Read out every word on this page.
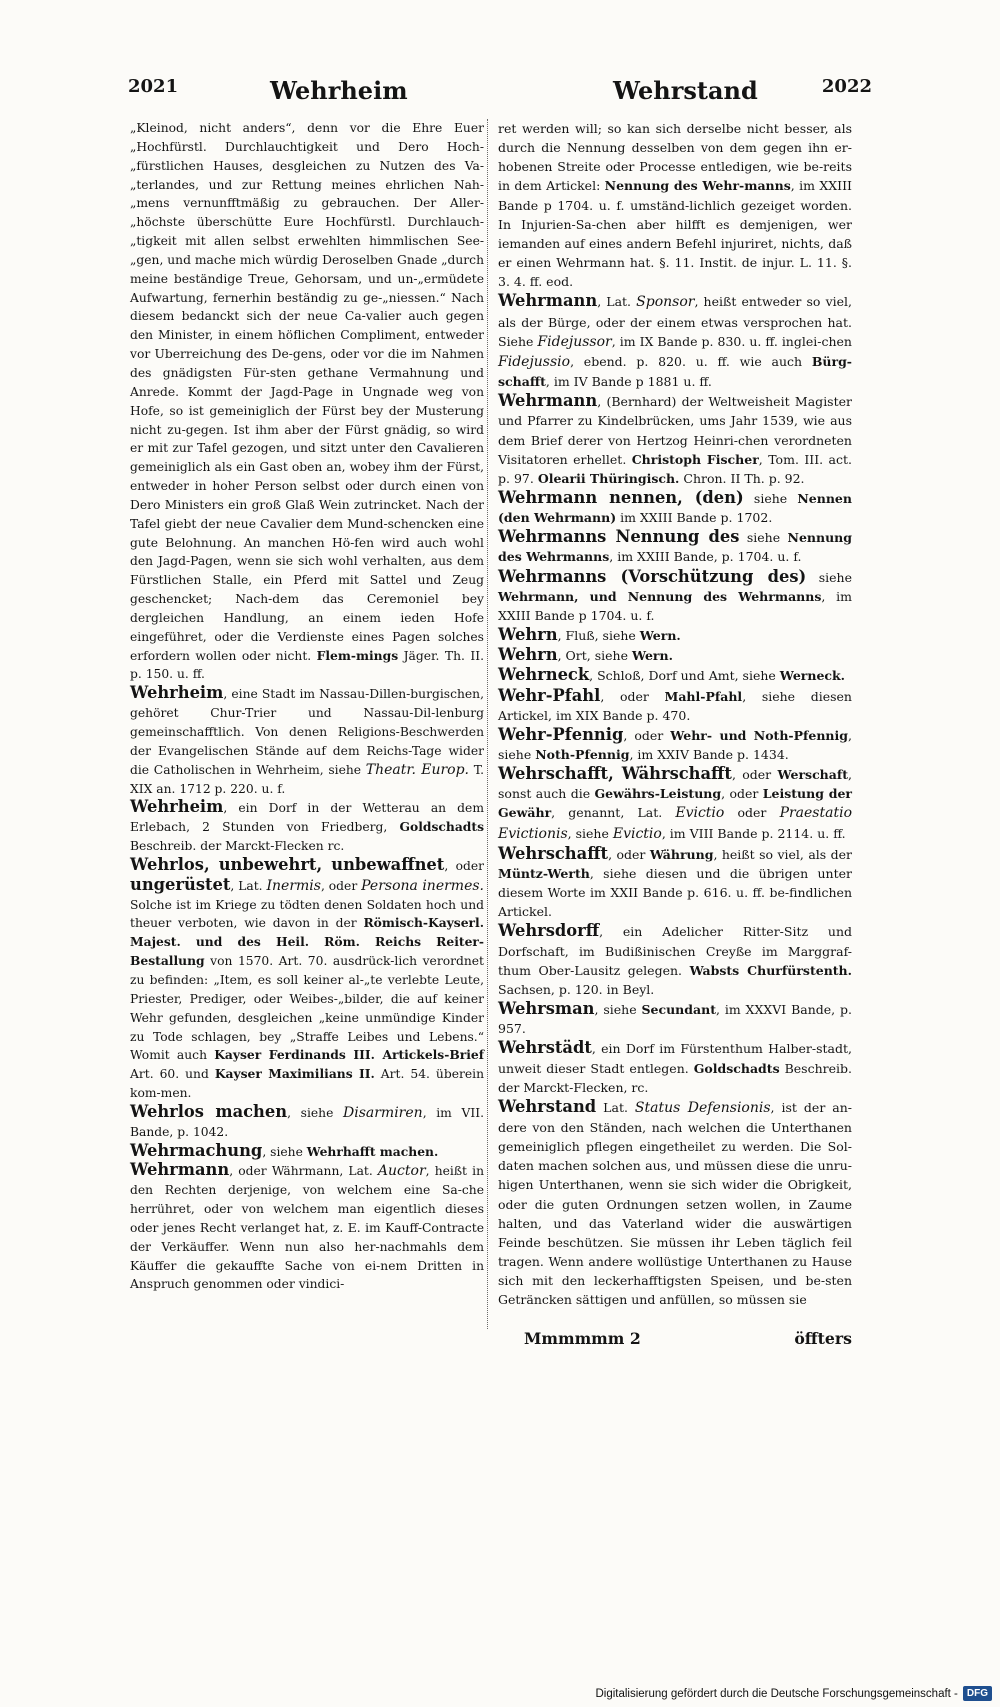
2021	Wehrheim	Wehrstand	2022

„Kleinod, nicht anders“, denn vor die Ehre Euer „Hochfürstl. Durchlauchtigkeit und Dero Hoch-„fürstlichen Hauses, desgleichen zu Nutzen des Va-„terlandes, und zur Rettung meines ehrlichen Nah-„mens vernunfftmäßig zu gebrauchen. Der Aller-„höchste überschütte Eure Hochfürstl. Durchlauch-„tigkeit mit allen selbst erwehlten himmlischen See-„gen, und mache mich würdig Deroselben Gnade „durch meine beständige Treue, Gehorsam, und un-„ermüdete Aufwartung, fernerhin beständig zu ge-„niessen.“ Nach diesem bedanckt sich der neue Ca-valier auch gegen den Minister, in einem höflichen Compliment, entweder vor Uberreichung des De-gens, oder vor die im Nahmen des gnädigsten Für-sten gethane Vermahnung und Anrede. Kommt der Jagd-Page in Ungnade weg von Hofe, so ist gemeiniglich der Fürst bey der Musterung nicht zu-gegen. Ist ihm aber der Fürst gnädig, so wird er mit zur Tafel gezogen, und sitzt unter den Cavalieren gemeiniglich als ein Gast oben an, wobey ihm der Fürst, entweder in hoher Person selbst oder durch einen von Dero Ministers ein groß Glaß Wein zutrincket. Nach der Tafel giebt der neue Cavalier dem Mund-schencken eine gute Belohnung. An manchen Hö-fen wird auch wohl den Jagd-Pagen, wenn sie sich wohl verhalten, aus dem Fürstlichen Stalle, ein Pferd mit Sattel und Zeug geschencket; Nach-dem das Ceremoniel bey dergleichen Handlung, an einem ieden Hofe eingeführet, oder die Verdienste eines Pagen solches erfordern wollen oder nicht. Flem-mings Jäger. Th. II. p. 150. u. ff.

Wehrheim, eine Stadt im Nassau-Dillen-burgischen, gehöret Chur-Trier und Nassau-Dil-lenburg gemeinschafftlich. Von denen Religions-Beschwerden der Evangelischen Stände auf dem Reichs-Tage wider die Catholischen in Wehrheim, siehe Theatr. Europ. T. XIX an. 1712 p. 220. u. f.

Wehrheim, ein Dorf in der Wetterau an dem Erlebach, 2 Stunden von Friedberg, Goldschadts Beschreib. der Marckt-Flecken rc.

Wehrlos, unbewehrt, unbewaffnet, oder ungerüstet, Lat. Inermis, oder Persona inermes. Solche ist im Kriege zu tödten denen Soldaten hoch und theuer verboten, wie davon in der Römisch-Kayserl. Majest. und des Heil. Röm. Reichs Reiter-Bestallung von 1570. Art. 70. ausdrück-lich verordnet zu befinden: „Item, es soll keiner al-„te verlebte Leute, Priester, Prediger, oder Weibes-„bilder, die auf keiner Wehr gefunden, desgleichen „keine unmündige Kinder zu Tode schlagen, bey „Straffe Leibes und Lebens.“ Womit auch Kayser Ferdinands III. Artickels-Brief Art. 60. und Kayser Maximilians II. Art. 54. überein kom-men.

Wehrlos machen, siehe Disarmiren, im VII. Bande, p. 1042.

Wehrmachung, siehe Wehrhafft machen.

Wehrmann, oder Währmann, Lat. Auctor, heißt in den Rechten derjenige, von welchem eine Sa-che herrühret, oder von welchem man eigentlich dieses oder jenes Recht verlanget hat, z. E. im Kauff-Contracte der Verkäuffer. Wenn nun also her-nachmahls dem Käuffer die gekauffte Sache von ei-nem Dritten in Anspruch genommen oder vindici-

ret werden will; so kan sich derselbe nicht besser, als durch die Nennung desselben von dem gegen ihn er-hobenen Streite oder Processe entledigen, wie be-reits in dem Artickel: Nennung des Wehr-manns, im XXIII Bande p 1704. u. f. umständ-lichlich gezeiget worden. In Injurien-Sa-chen aber hilfft es demjenigen, wer iemanden auf eines andern Befehl injuriret, nichts, daß er einen Wehrmann hat. §. 11. Instit. de injur. L. 11. §. 3. 4. ff. eod.

Wehrmann, Lat. Sponsor, heißt entweder so viel, als der Bürge, oder der einem etwas versprochen hat. Siehe Fidejussor, im IX Bande p. 830. u. ff. inglei-chen Fidejussio, ebend. p. 820. u. ff. wie auch Bürg-schafft, im IV Bande p 1881 u. ff.

Wehrmann, (Bernhard) der Weltweisheit Magister und Pfarrer zu Kindelbrücken, ums Jahr 1539, wie aus dem Brief derer von Hertzog Heinri-chen verordneten Visitatoren erhellet. Christoph Fischer, Tom. III. act. p. 97. Olearii Thüringisch. Chron. II Th. p. 92.

Wehrmann nennen, (den) siehe Nennen (den Wehrmann) im XXIII Bande p. 1702.

Wehrmanns Nennung des siehe Nennung des Wehrmanns, im XXIII Bande, p. 1704. u. f.

Wehrmanns (Vorschützung des) siehe Wehrmann, und Nennung des Wehrmanns, im XXIII Bande p 1704. u. f.

Wehrn, Fluß, siehe Wern.

Wehrn, Ort, siehe Wern.

Wehrneck, Schloß, Dorf und Amt, siehe Werneck.

Wehr-Pfahl, oder Mahl-Pfahl, siehe diesen Artickel, im XIX Bande p. 470.

Wehr-Pfennig, oder Wehr- und Noth-Pfennig, siehe Noth-Pfennig, im XXIV Bande p. 1434.

Wehrschafft, Währschafft, oder Werschaft, sonst auch die Gewährs-Leistung, oder Leistung der Gewähr, genannt, Lat. Evictio oder Praestatio Evictionis, siehe Evictio, im VIII Bande p. 2114. u. ff.

Wehrschafft, oder Währung, heißt so viel, als der Müntz-Werth, siehe diesen und die übrigen unter diesem Worte im XXII Bande p. 616. u. ff. be-findlichen Artickel.

Wehrsdorff, ein Adelicher Ritter-Sitz und Dorfschaft, im Budißinischen Creyße im Marggraf-thum Ober-Lausitz gelegen. Wabsts Churfürstenth. Sachsen, p. 120. in Beyl.

Wehrsman, siehe Secundant, im XXXVI Bande, p. 957.

Wehrstädt, ein Dorf im Fürstenthum Halber-stadt, unweit dieser Stadt entlegen. Goldschadts Beschreib. der Marckt-Flecken, rc.

Wehrstand Lat. Status Defensionis, ist der an-dere von den Ständen, nach welchen die Unterthanen gemeiniglich pflegen eingetheilet zu werden. Die Sol-daten machen solchen aus, und müssen diese die unru-higen Unterthanen, wenn sie sich wider die Obrigkeit, oder die guten Ordnungen setzen wollen, in Zaume halten, und das Vaterland wider die auswärtigen Feinde beschützen. Sie müssen ihr Leben täglich feil tragen. Wenn andere wollüstige Unterthanen zu Hause sich mit den leckerhafftigsten Speisen, und be-sten Geträncken sättigen und anfüllen, so müssen sie

Mmmmmm 2	öffters
Digitalisierung gefördert durch die Deutsche Forschungsgemeinschaft - DFG
